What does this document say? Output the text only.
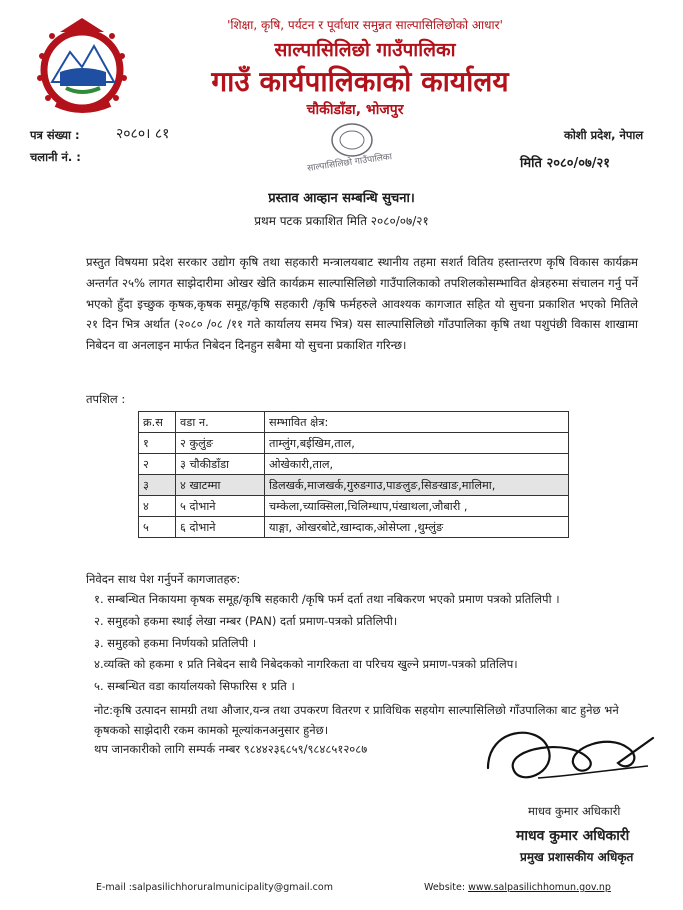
'शिक्षा, कृषि, पर्यटन र पूर्वाधार समुन्नत साल्पासिलिछोको आधार'
साल्पासिलिछो गाउँपालिका
गाउँ कार्यपालिकाको कार्यालय
चौकीडाँडा, भोजपुर
साल्पासिलिछो गाउँपालिका
पत्र संख्या :	२०८०। ८१
चलानी नं. :
कोशी प्रदेश, नेपाल
मिति २०८०/०७/२१
प्रस्ताव आव्हान सम्बन्धि सुचना।
प्रथम पटक प्रकाशित मिति २०८०/०७/२१
प्रस्तुत विषयमा प्रदेश सरकार उद्योग कृषि तथा सहकारी मन्त्रालयबाट स्थानीय तहमा सशर्त वितिय हस्तान्तरण कृषि विकास कार्यक्रम अन्तर्गत २५% लागत साझेदारीमा ओखर खेति कार्यक्रम साल्पासिलिछो गाउँपालिकाको तपशिलकोसम्भावित क्षेत्रहरुमा संचालन गर्नु पर्ने भएको हुँदा इच्छुक कृषक,कृषक समूह/कृषि सहकारी /कृषि फर्महरुले आवश्यक कागजात सहित यो सुचना प्रकाशित भएको मितिले २१ दिन भित्र अर्थात (२०८० /०८ /११ गते कार्यालय समय भित्र) यस साल्पासिलिछो गाँउपालिका कृषि तथा पशुपंछी विकास शाखामा निबेदन वा अनलाइन मार्फत निबेदन दिनहुन सबैमा यो सुचना प्रकाशित गरिन्छ।
तपशिल :
क्र.स	वडा न.	सम्भावित क्षेत्र:
१	२ कुलुंङ	ताम्लुंग,बईखिम,ताल,
२	३ चौकीडाँडा	ओखेकारी,ताल,
३	४ खाटम्मा	डिलखर्क,माजखर्क,गुरुङगाउ,पाङलुङ,सिङखाङ,मालिमा,
४	५ दोभाने	चम्केला,च्याक्सिला,चिलिम्धाप,पंखाथला,जौबारी ,
५	६ दोभाने	याङ्गा, ओखरबोटे,खाम्दाक,ओसेप्ला ,थुम्लुंङ
निवेदन साथ पेश गर्नुपर्ने कागजातहरु:
१. सम्बन्धित निकायमा कृषक समूह/कृषि सहकारी /कृषि फर्म दर्ता तथा नबिकरण भएको प्रमाण पत्रको प्रतिलिपी ।
२. समुहको हकमा स्थाई लेखा नम्बर (PAN) दर्ता प्रमाण-पत्रको प्रतिलिपी।
३. समुहको हकमा निर्णयको प्रतिलिपी ।
४.व्यक्ति को हकमा १ प्रति निबेदन साथै निबेदकको नागरिकता वा परिचय खुल्ने प्रमाण-पत्रको प्रतिलिप।
५. सम्बन्धित वडा कार्यालयको सिफारिस १ प्रति ।
नोट:कृषि उत्पादन सामग्री तथा औजार,यन्त्र तथा उपकरण वितरण र प्राविधिक सहयोग साल्पासिलिछो गाँउपालिका बाट हुनेछ भने कृषकको साझेदारी रकम कामको मूल्यांकनअनुसार हुनेछ।
थप जानकारीको लागि सम्पर्क नम्बर ९८४४२३६८५९/९८४८५१२०८७
माधव कुमार अधिकारी
माधव कुमार अधिकारी
प्रमुख प्रशासकीय अधिकृत
E-mail :salpasilichhoruralmunicipality@gmail.com	Website: www.salpasilichhomun.gov.np
